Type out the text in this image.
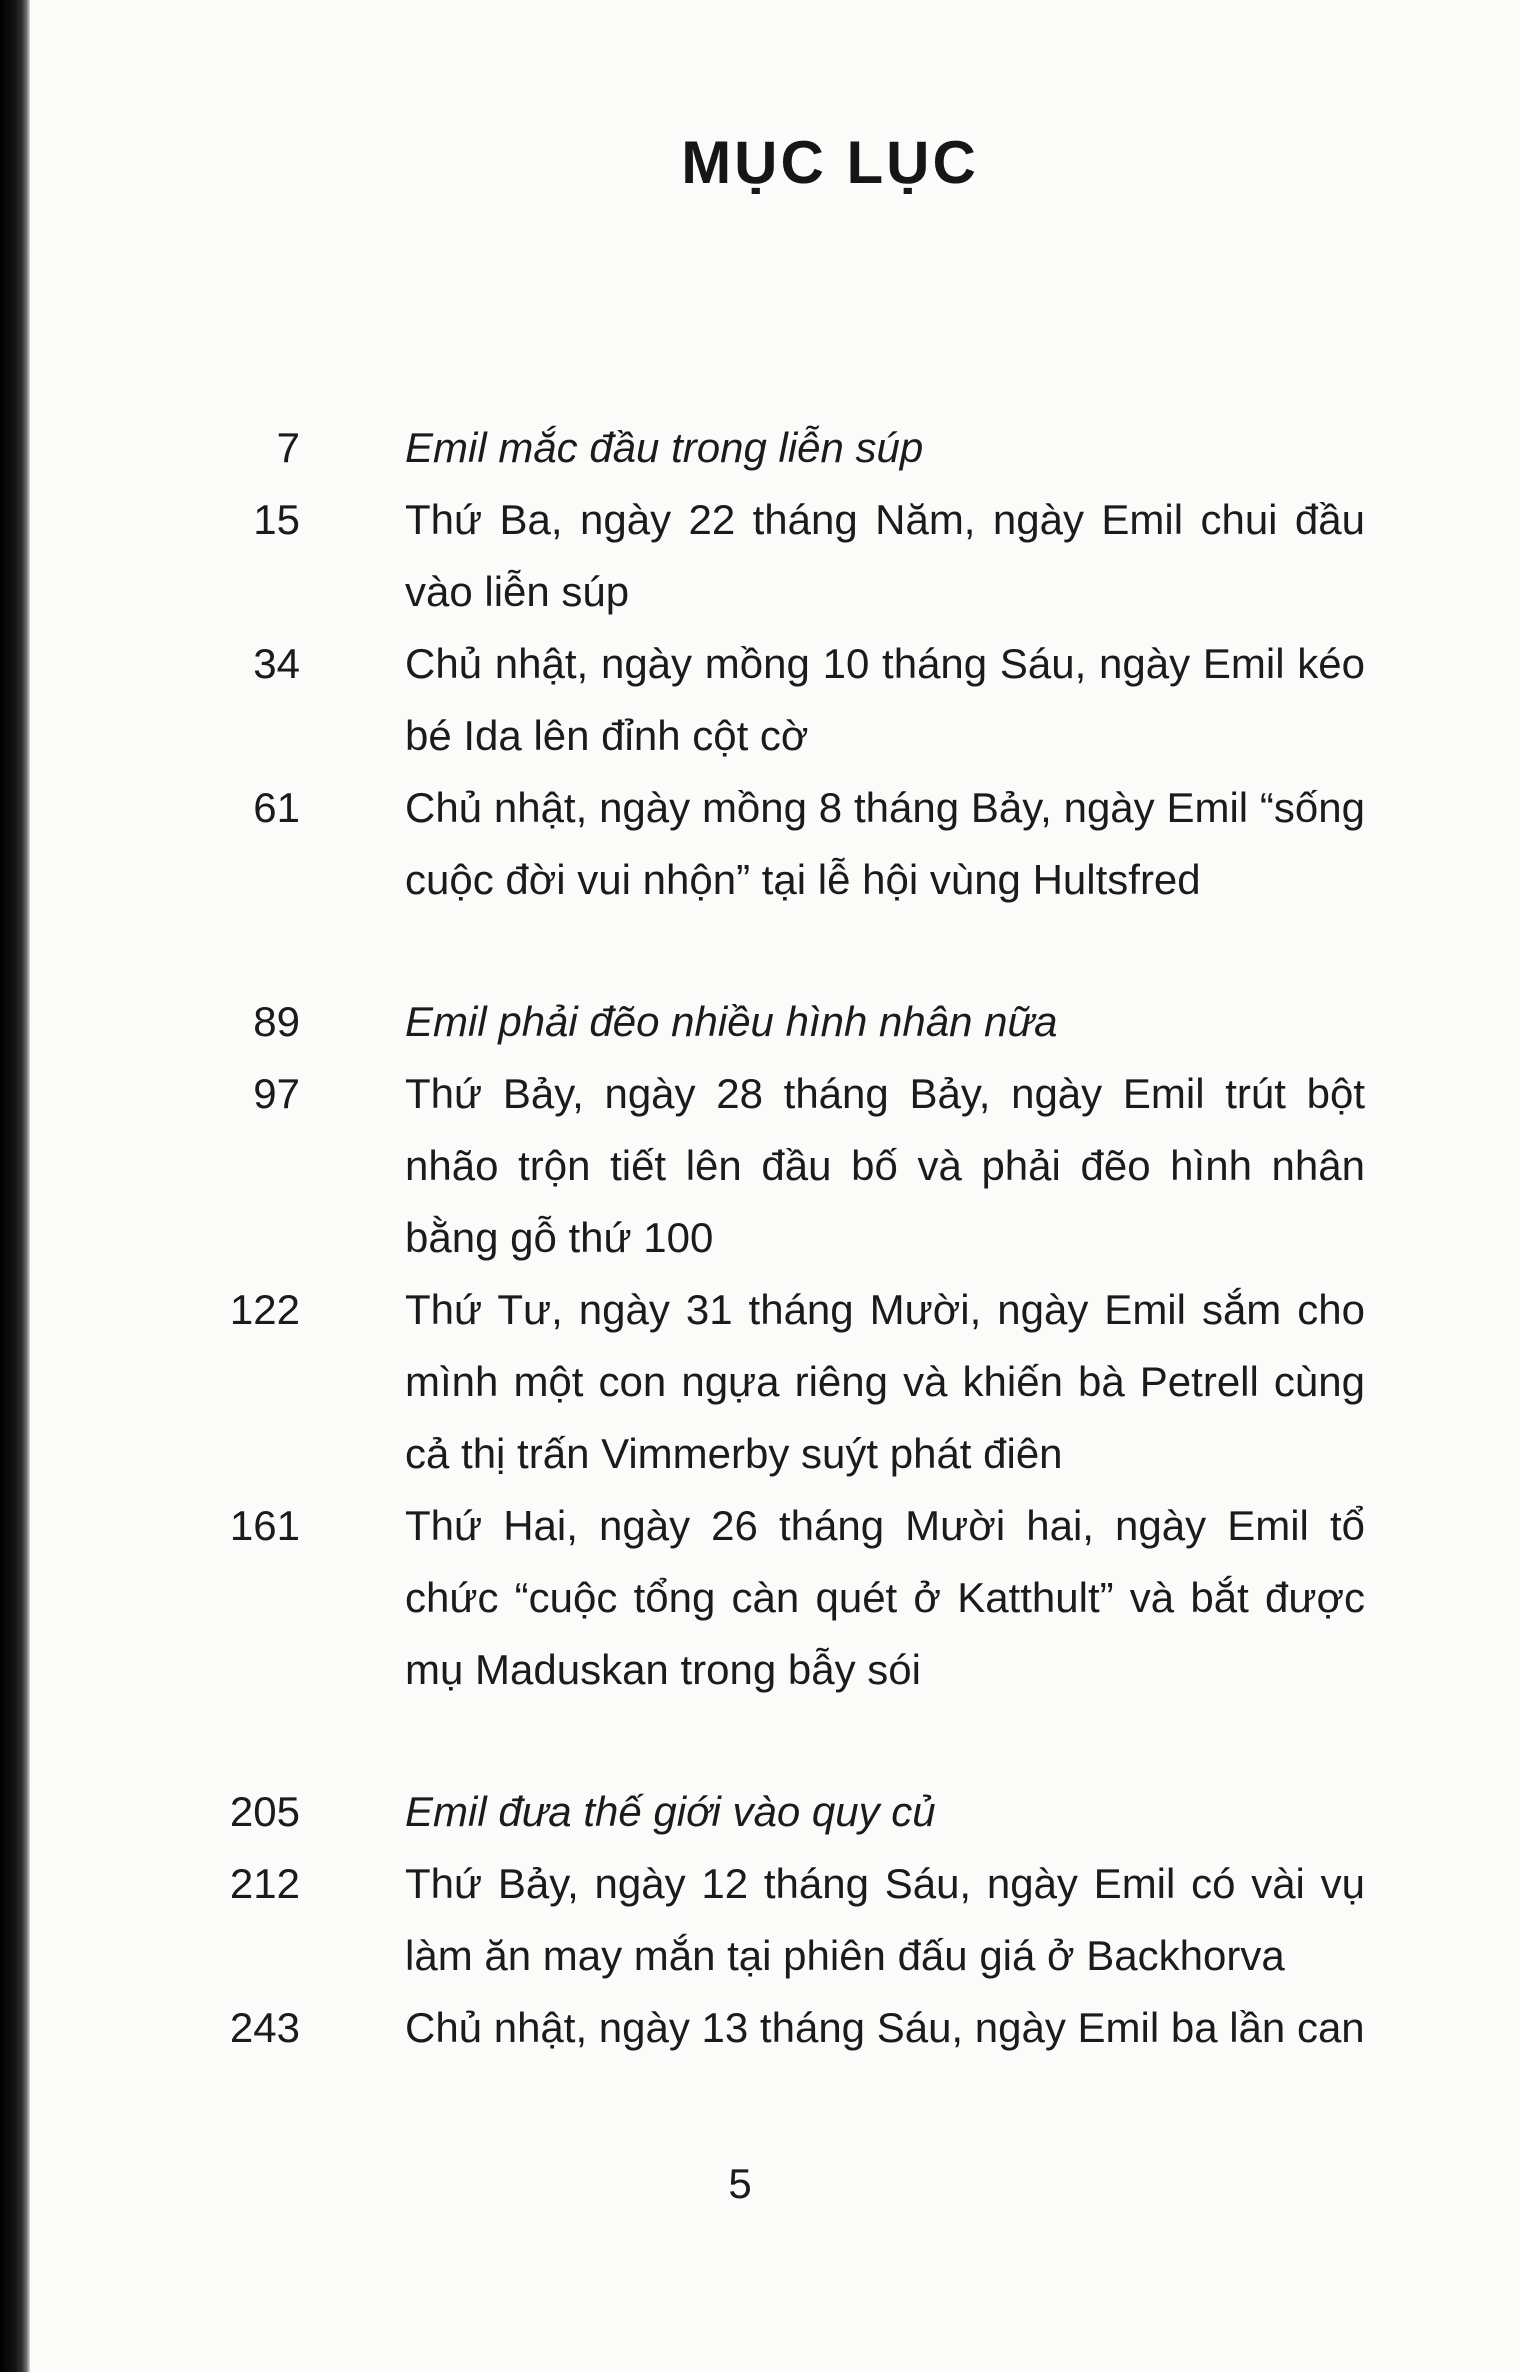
MỤC LỤC
7	Emil mắc đầu trong liễn súp
15	Thứ Ba, ngày 22 tháng Năm, ngày Emil chui đầu vào liễn súp
34	Chủ nhật, ngày mồng 10 tháng Sáu, ngày Emil kéo bé Ida lên đỉnh cột cờ
61	Chủ nhật, ngày mồng 8 tháng Bảy, ngày Emil “sống cuộc đời vui nhộn” tại lễ hội vùng Hultsfred
89	Emil phải đẽo nhiều hình nhân nữa
97	Thứ Bảy, ngày 28 tháng Bảy, ngày Emil trút bột nhão trộn tiết lên đầu bố và phải đẽo hình nhân bằng gỗ thứ 100
122	Thứ Tư, ngày 31 tháng Mười, ngày Emil sắm cho mình một con ngựa riêng và khiến bà Petrell cùng cả thị trấn Vimmerby suýt phát điên
161	Thứ Hai, ngày 26 tháng Mười hai, ngày Emil tổ chức “cuộc tổng càn quét ở Katthult” và bắt được mụ Maduskan trong bẫy sói
205	Emil đưa thế giới vào quy củ
212	Thứ Bảy, ngày 12 tháng Sáu, ngày Emil có vài vụ làm ăn may mắn tại phiên đấu giá ở Backhorva
243	Chủ nhật, ngày 13 tháng Sáu, ngày Emil ba lần can
5
